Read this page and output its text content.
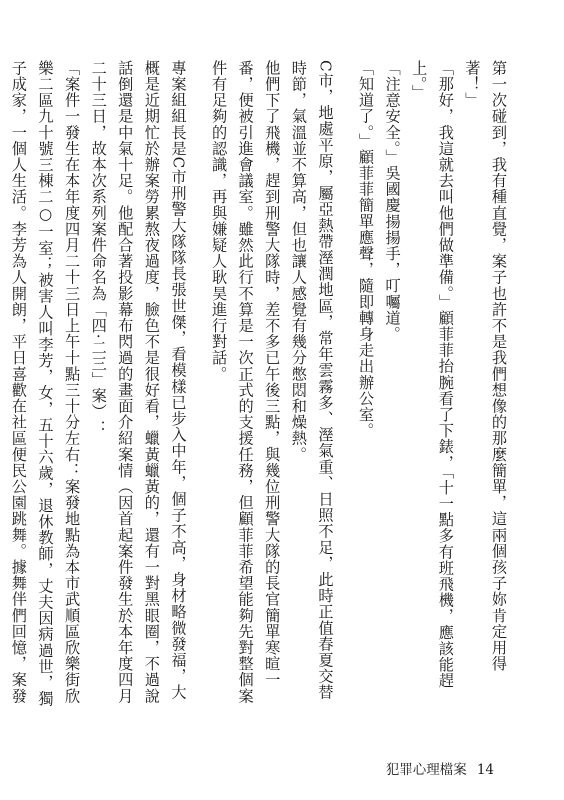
第一次碰到，我有種直覺，案子也許不是我們想像的那麼簡單，這兩個孩子妳肯定用得著！」

「那好，我這就去叫他們做準備。」顧菲菲抬腕看了下錶，「十一點多有班飛機，應該能趕上。」

「注意安全。」吳國慶揚揚手，叮囑道。

「知道了。」顧菲菲簡單應聲，隨即轉身走出辦公室。

C市，地處平原，屬亞熱帶溼潤地區，常年雲霧多、溼氣重、日照不足，此時正值春夏交替時節，氣溫並不算高，但也讓人感覺有幾分憋悶和燥熱。

他們下了飛機，趕到刑警大隊時，差不多已午後三點，與幾位刑警大隊的長官簡單寒暄一番，便被引進會議室。雖然此行不算是一次正式的支援任務，但顧菲菲希望能夠先對整個案件有足夠的認識，再與嫌疑人耿昊進行對話。

專案組組長是C市刑警大隊隊長張世傑，看模樣已步入中年，個子不高，身材略微發福，大概是近期忙於辦案勞累熬夜過度，臉色不是很好看，蠟黃蠟黃的，還有一對黑眼圈，不過說話倒還是中氣十足。他配合著投影幕布閃過的畫面介紹案情（因首起案件發生於本年度四月二十三日，故本次系列案件命名為「四·二三」案）：

「案件一發生在本年度四月二十三日上午十點三十分左右：案發地點為本市武順區欣樂街欣樂二區九十號三棟二○一室；被害人叫李芳，女，五十六歲，退休教師，丈夫因病過世，獨子成家，一個人生活。李芳為人開朗，平日喜歡在社區便民公園跳舞。據舞伴們回憶，案發

犯罪心理檔案 14
